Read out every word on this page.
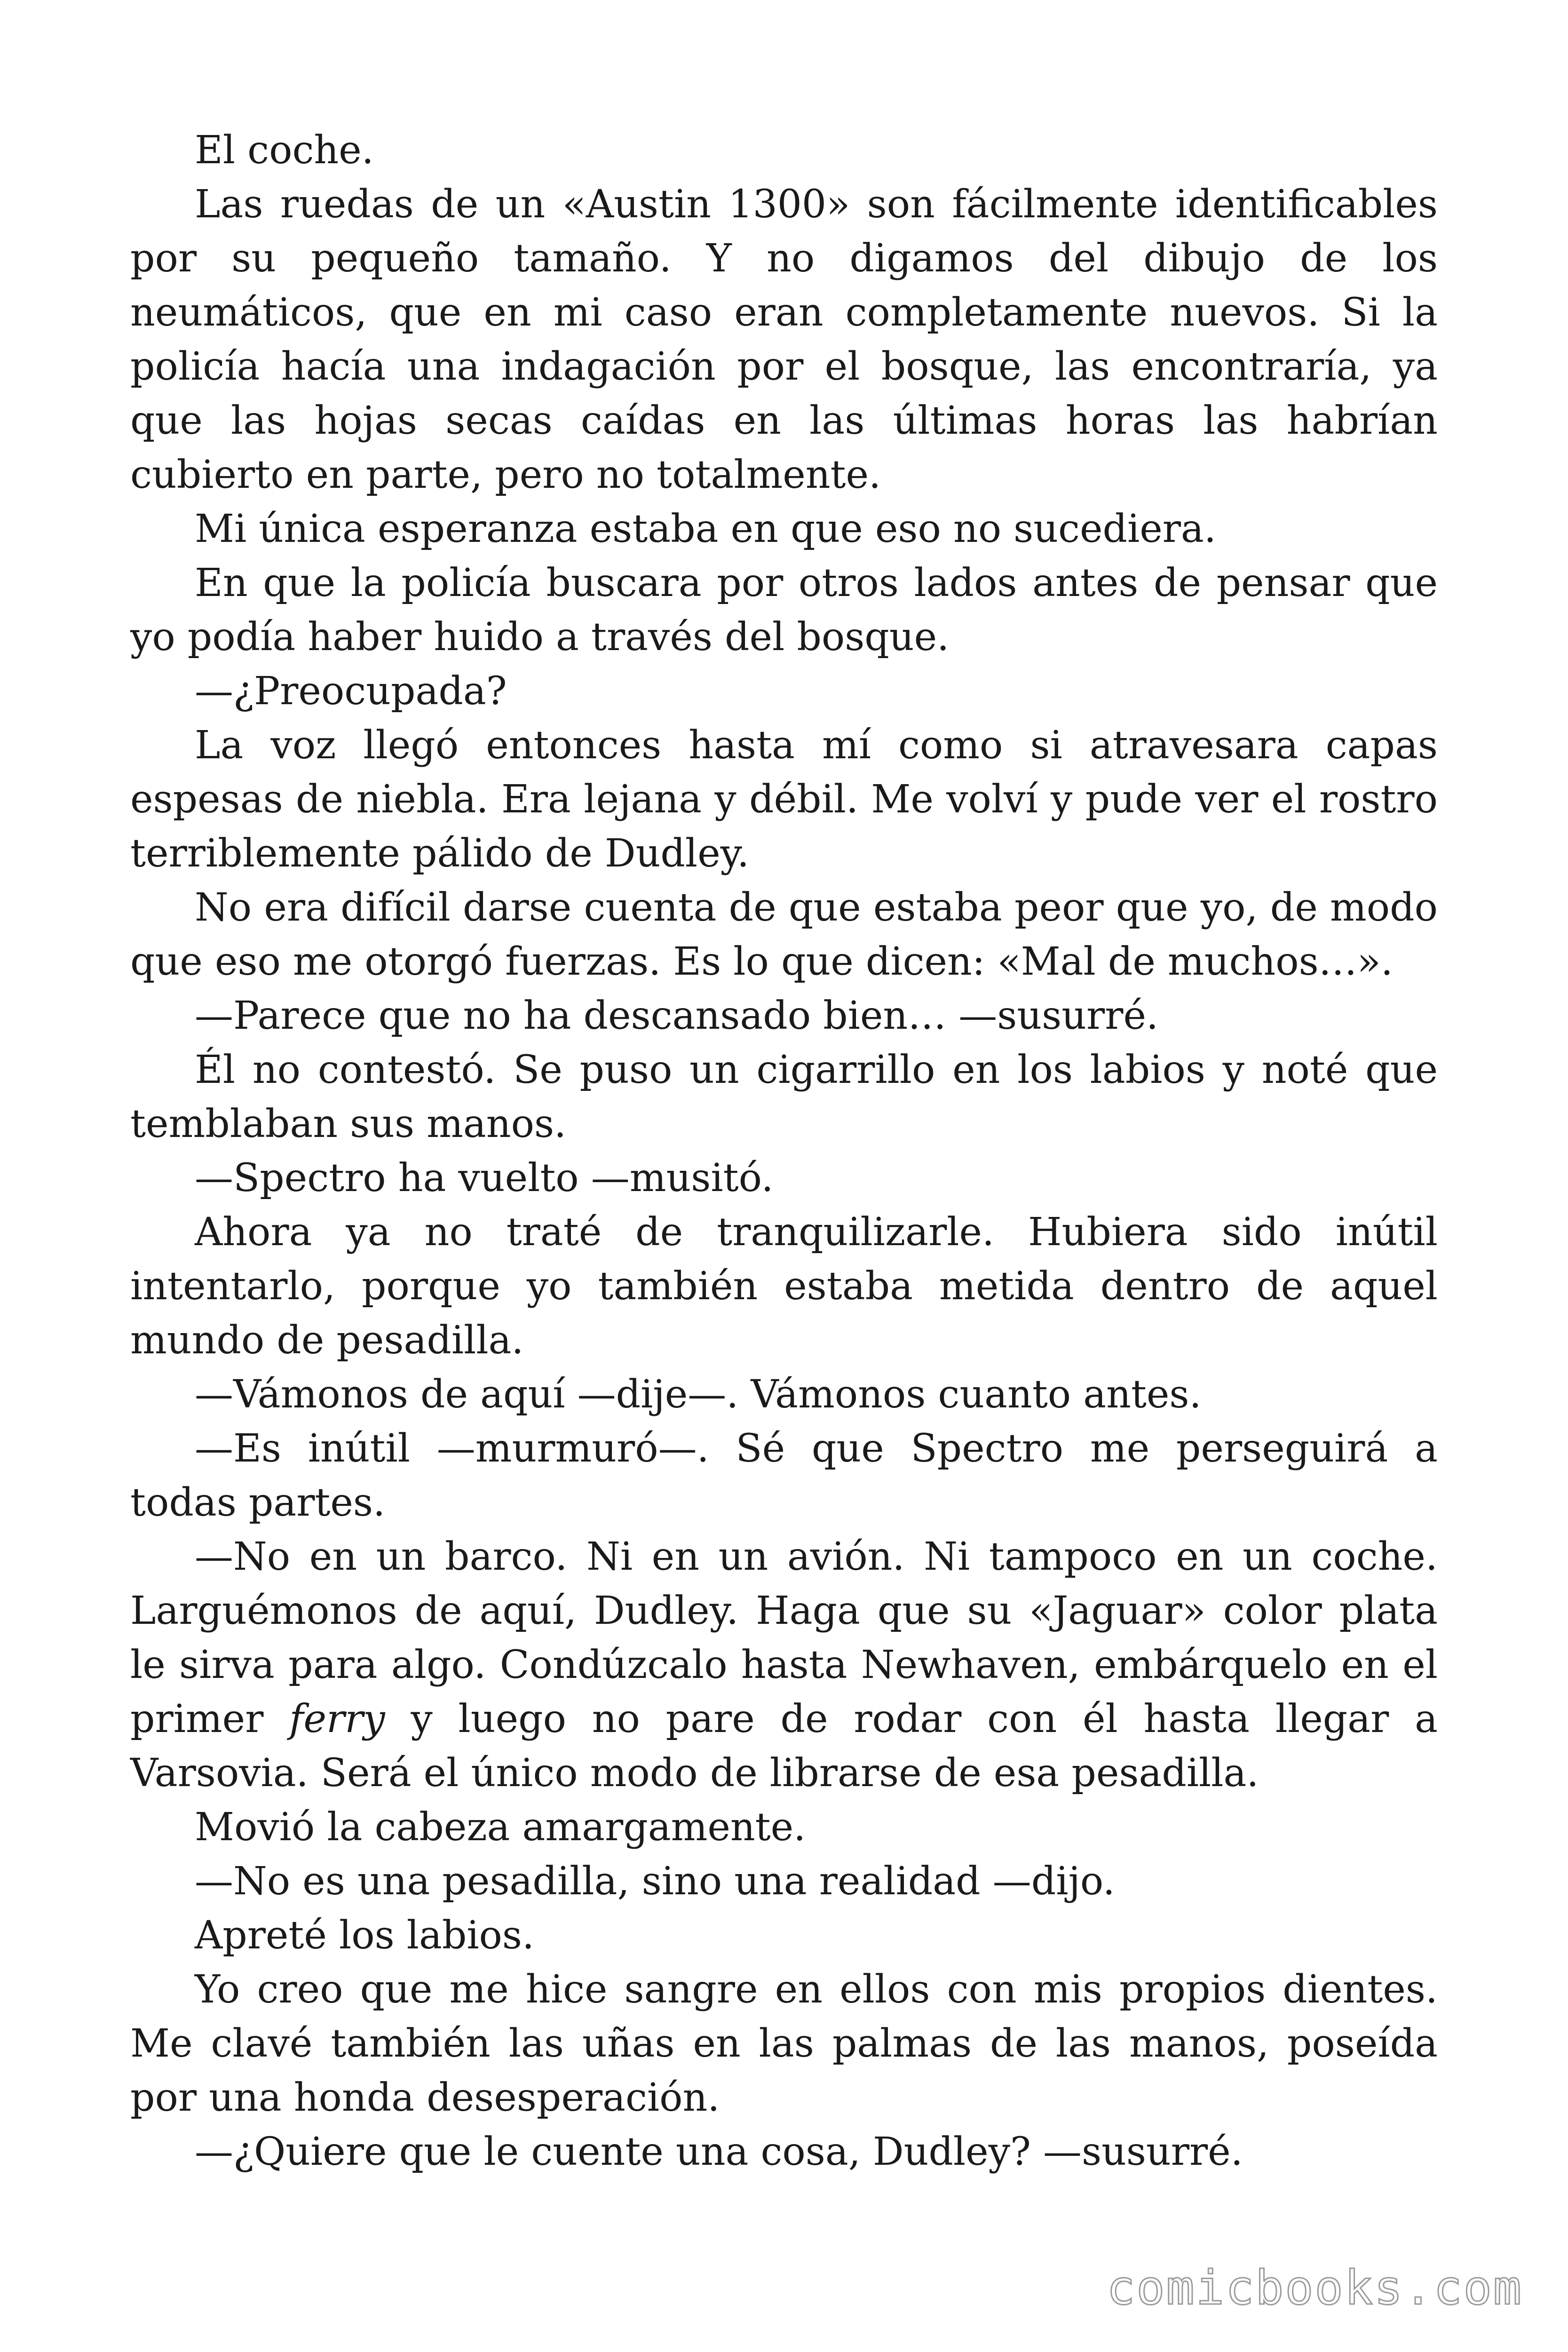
El coche.

Las ruedas de un «Austin 1300» son fácilmente identificables por su pequeño tamaño. Y no digamos del dibujo de los neumáticos, que en mi caso eran completamente nuevos. Si la policía hacía una indagación por el bosque, las encontraría, ya que las hojas secas caídas en las últimas horas las habrían cubierto en parte, pero no totalmente.

Mi única esperanza estaba en que eso no sucediera.

En que la policía buscara por otros lados antes de pensar que yo podía haber huido a través del bosque.

—¿Preocupada?

La voz llegó entonces hasta mí como si atravesara capas espesas de niebla. Era lejana y débil. Me volví y pude ver el rostro terriblemente pálido de Dudley.

No era difícil darse cuenta de que estaba peor que yo, de modo que eso me otorgó fuerzas. Es lo que dicen: «Mal de muchos…».

—Parece que no ha descansado bien… —susurré.

Él no contestó. Se puso un cigarrillo en los labios y noté que temblaban sus manos.

—Spectro ha vuelto —musitó.

Ahora ya no traté de tranquilizarle. Hubiera sido inútil intentarlo, porque yo también estaba metida dentro de aquel mundo de pesadilla.

—Vámonos de aquí —dije—. Vámonos cuanto antes.

—Es inútil —murmuró—. Sé que Spectro me perseguirá a todas partes.

—No en un barco. Ni en un avión. Ni tampoco en un coche. Larguémonos de aquí, Dudley. Haga que su «Jaguar» color plata le sirva para algo. Condúzcalo hasta Newhaven, embárquelo en el primer ferry y luego no pare de rodar con él hasta llegar a Varsovia. Será el único modo de librarse de esa pesadilla.

Movió la cabeza amargamente.

—No es una pesadilla, sino una realidad —dijo.

Apreté los labios.

Yo creo que me hice sangre en ellos con mis propios dientes. Me clavé también las uñas en las palmas de las manos, poseída por una honda desesperación.

—¿Quiere que le cuente una cosa, Dudley? —susurré.

comicbooks.com
